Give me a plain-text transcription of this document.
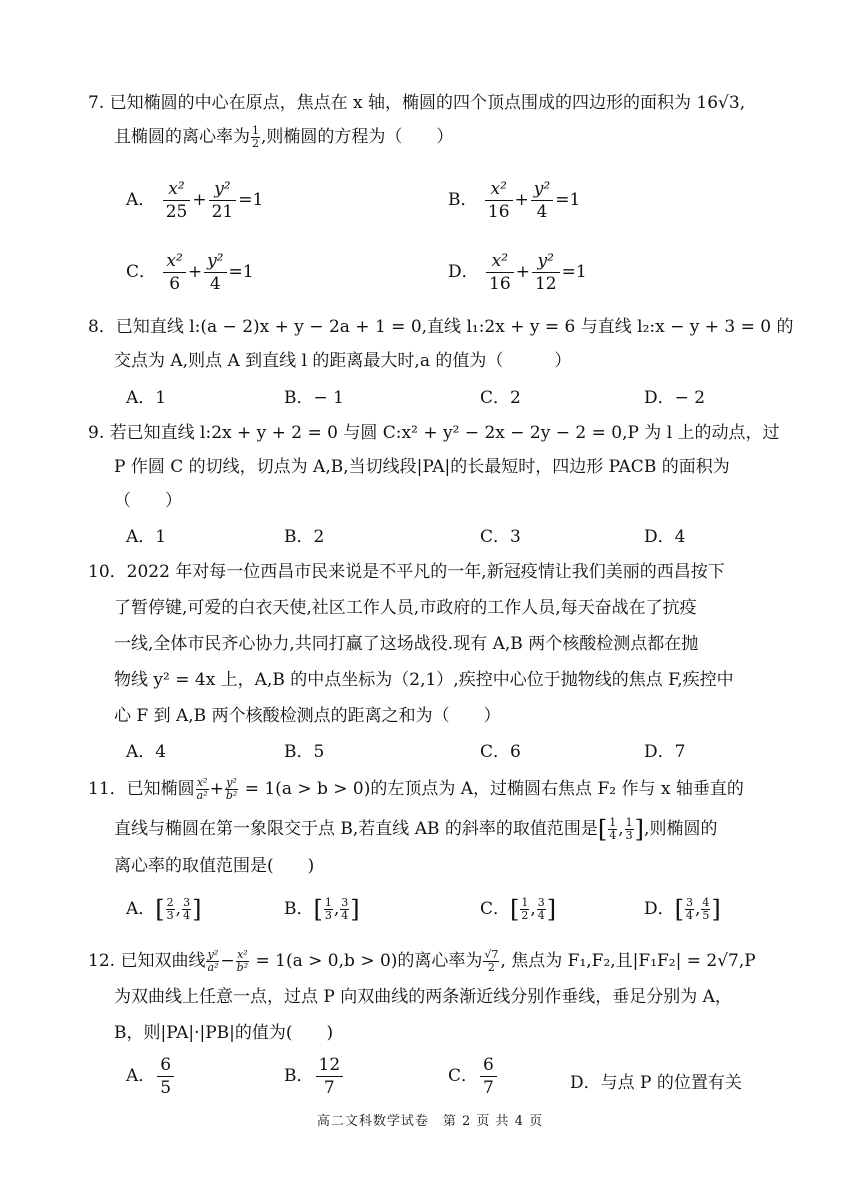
7. 已知椭圆的中心在原点，焦点在 x 轴，椭圆的四个顶点围成的四边形的面积为 16√3,
且椭圆的离心率为 $\frac{1}{2}$ ,则椭圆的方程为（　　）
A． $\frac{\text{x²}}{25} + \frac{\text{y²}}{21} =1$	B． $\frac{\text{x²}}{16} + \frac{\text{y²}}{4} =1$
C． $\frac{\text{x²}}{6} + \frac{\text{y²}}{4} =1$	D． $\frac{\text{x²}}{16} + \frac{\text{y²}}{12} =1$
8．已知直线 l:(a − 2)x + y − 2a + 1 = 0,直线 l₁:2x + y = 6 与直线 l₂:x − y + 3 = 0 的
交点为 A,则点 A 到直线 l 的距离最大时,a 的值为（　　　）
A．1	B．− 1	C．2	D．− 2
9. 若已知直线 l:2x + y + 2 = 0 与圆 C:x² + y² − 2x − 2y − 2 = 0,P 为 l 上的动点，过
P 作圆 C 的切线，切点为 A,B,当切线段|PA|的长最短时，四边形 PACB 的面积为
（　　）
A．1	B．2	C．3	D．4
10．2022 年对每一位西昌市民来说是不平凡的一年,新冠疫情让我们美丽的西昌按下
了暂停键,可爱的白衣天使,社区工作人员,市政府的工作人员,每天奋战在了抗疫
一线,全体市民齐心协力,共同打赢了这场战役.现有 A,B 两个核酸检测点都在抛
物线 y² = 4x 上，A,B 的中点坐标为（2,1）,疾控中心位于抛物线的焦点 F,疾控中
心 F 到 A,B 两个核酸检测点的距离之和为（　　）
A．4	B．5	C．6	D．7
11．已知椭圆 $\frac{\text{x²}}{\text{a²}} + \frac{\text{y²}}{\text{b²}} = 1(a > b > 0)$的左顶点为 A，过椭圆右焦点 F₂ 作与 x 轴垂直的
直线与椭圆在第一象限交于点 B,若直线 AB 的斜率的取值范围是[ $\frac{1}{4}$ , $\frac{1}{3}$ ],则椭圆的
离心率的取值范围是(　　)
A．[ $\frac{2}{3}$ , $\frac{3}{4}$ ]	B．[ $\frac{1}{3}$ , $\frac{3}{4}$ ]	C．[ $\frac{1}{2}$ , $\frac{3}{4}$ ]	D．[ $\frac{3}{4}$ , $\frac{4}{5}$ ]
12. 已知双曲线 $\frac{\text{y²}}{\text{a²}} - \frac{\text{x²}}{\text{b²}} = 1(a > 0,b > 0)$的离心率为 $\frac{√7}{2}$ , 焦点为 F₁,F₂,且|F₁F₂| = 2√7,P
为双曲线上任意一点，过点 P 向双曲线的两条渐近线分别作垂线，垂足分别为 A，
B，则|PA|·|PB|的值为(　　)
A． $\frac{6}{5}$	B． $\frac{12}{7}$	C． $\frac{6}{7}$	D．与点 P 的位置有关
高二文科数学试卷　第 2 页 共 4 页
